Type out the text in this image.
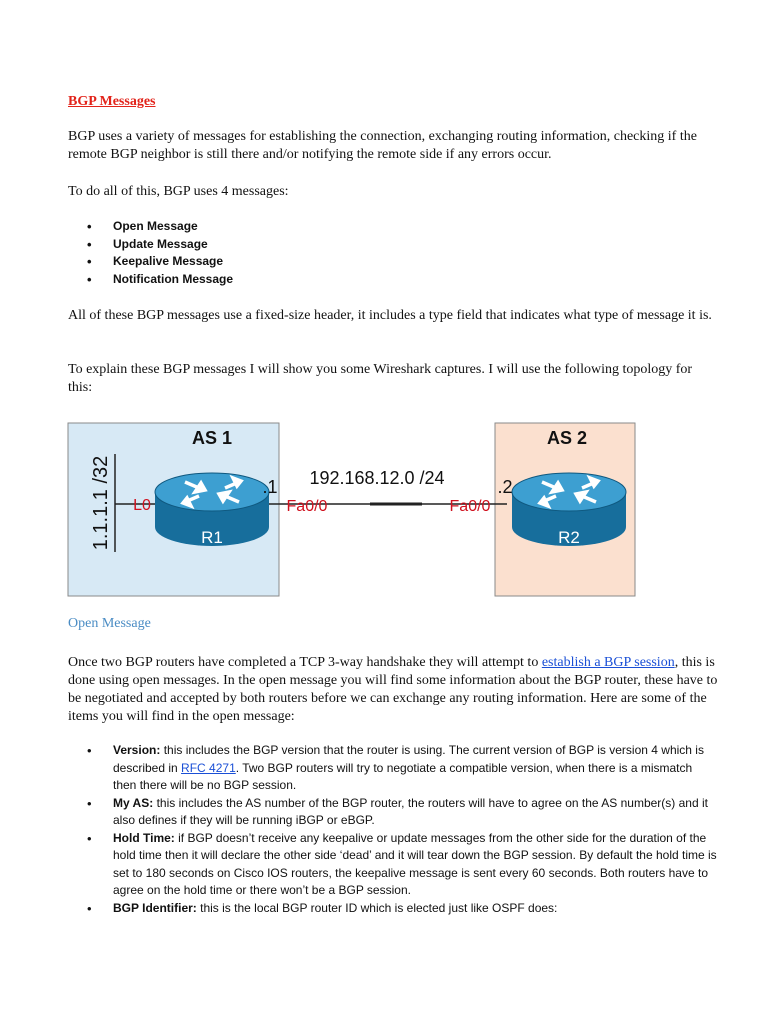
BGP Messages

BGP uses a variety of messages for establishing the connection, exchanging routing information, checking if the remote BGP neighbor is still there and/or notifying the remote side if any errors occur.

To do all of this, BGP uses 4 messages:

• Open Message
• Update Message
• Keepalive Message
• Notification Message

All of these BGP messages use a fixed-size header, it includes a type field that indicates what type of message it is.

To explain these BGP messages I will show you some Wireshark captures. I will use the following topology for this:

AS 1	AS 2
1.1.1.1 /32 L0
192.168.12.0 /24
R1
.1
Fa0/0
R2
.2
Fa0/0
Open Message

Once two BGP routers have completed a TCP 3-way handshake they will attempt to establish a BGP session, this is done using open messages. In the open message you will find some information about the BGP router, these have to be negotiated and accepted by both routers before we can exchange any routing information. Here are some of the items you will find in the open message:

• Version: this includes the BGP version that the router is using. The current version of BGP is version 4 which is described in RFC 4271. Two BGP routers will try to negotiate a compatible version, when there is a mismatch then there will be no BGP session.
• My AS: this includes the AS number of the BGP router, the routers will have to agree on the AS number(s) and it also defines if they will be running iBGP or eBGP.
• Hold Time: if BGP doesn’t receive any keepalive or update messages from the other side for the duration of the hold time then it will declare the other side ‘dead’ and it will tear down the BGP session. By default the hold time is set to 180 seconds on Cisco IOS routers, the keepalive message is sent every 60 seconds. Both routers have to agree on the hold time or there won’t be a BGP session.
• BGP Identifier: this is the local BGP router ID which is elected just like OSPF does:
